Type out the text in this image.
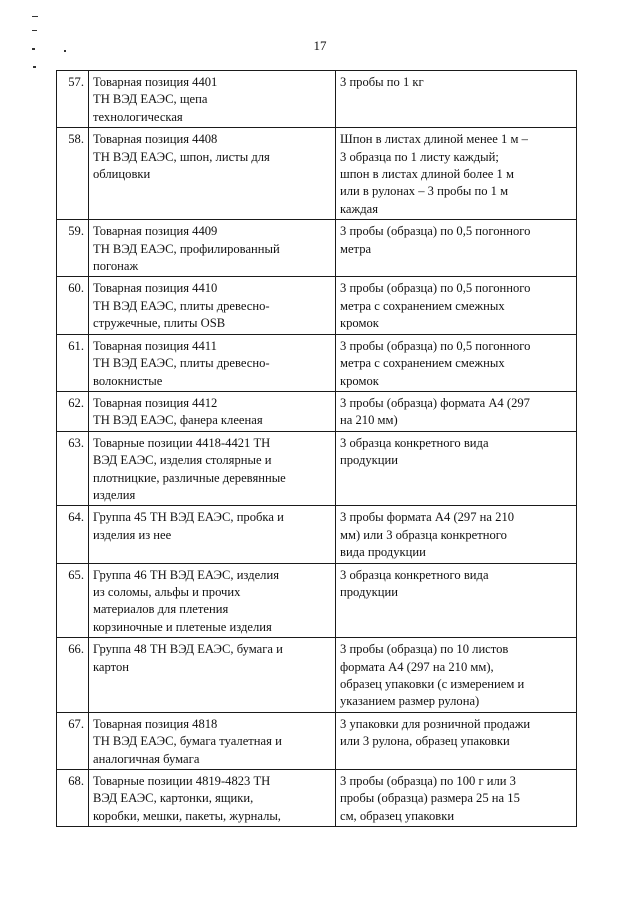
17
57.	Товарная позиция 4401
ТН ВЭД ЕАЭС, щепа
технологическая	3 пробы по 1 кг

58.	Товарная позиция 4408
ТН ВЭД ЕАЭС, шпон, листы для
облицовки	Шпон в листах длиной менее 1 м –
3 образца по 1 листу каждый;
шпон в листах длиной более 1 м
или в рулонах – 3 пробы по 1 м
каждая

59.	Товарная позиция 4409
ТН ВЭД ЕАЭС, профилированный
погонаж	3 пробы (образца) по 0,5 погонного
метра

60.	Товарная позиция 4410
ТН ВЭД ЕАЭС, плиты древесно-
стружечные, плиты OSB	3 пробы (образца) по 0,5 погонного
метра с сохранением смежных
кромок

61.	Товарная позиция 4411
ТН ВЭД ЕАЭС, плиты древесно-
волокнистые	3 пробы (образца) по 0,5 погонного
метра с сохранением смежных
кромок

62.	Товарная позиция 4412
ТН ВЭД ЕАЭС, фанера клееная	3 пробы (образца) формата А4 (297
на 210 мм)

63.	Товарные позиции 4418-4421 ТН
ВЭД ЕАЭС, изделия столярные и
плотницкие, различные деревянные
изделия	3 образца конкретного вида
продукции

64.	Группа 45 ТН ВЭД ЕАЭС, пробка и
изделия из нее	3 пробы формата А4 (297 на 210
мм) или 3 образца конкретного
вида продукции

65.	Группа 46 ТН ВЭД ЕАЭС, изделия
из соломы, альфы и прочих
материалов для плетения
корзиночные и плетеные изделия	3 образца конкретного вида
продукции

66.	Группа 48 ТН ВЭД ЕАЭС, бумага и
картон	3 пробы (образца) по 10 листов
формата А4 (297 на 210 мм),
образец упаковки (с измерением и
указанием размер рулона)

67.	Товарная позиция 4818
ТН ВЭД ЕАЭС, бумага туалетная и
аналогичная бумага	3 упаковки для розничной продажи
или 3 рулона, образец упаковки

68.	Товарные позиции 4819-4823 ТН
ВЭД ЕАЭС, картонки, ящики,
коробки, мешки, пакеты, журналы,	3 пробы (образца) по 100 г или 3
пробы (образца) размера 25 на 15
см, образец упаковки
